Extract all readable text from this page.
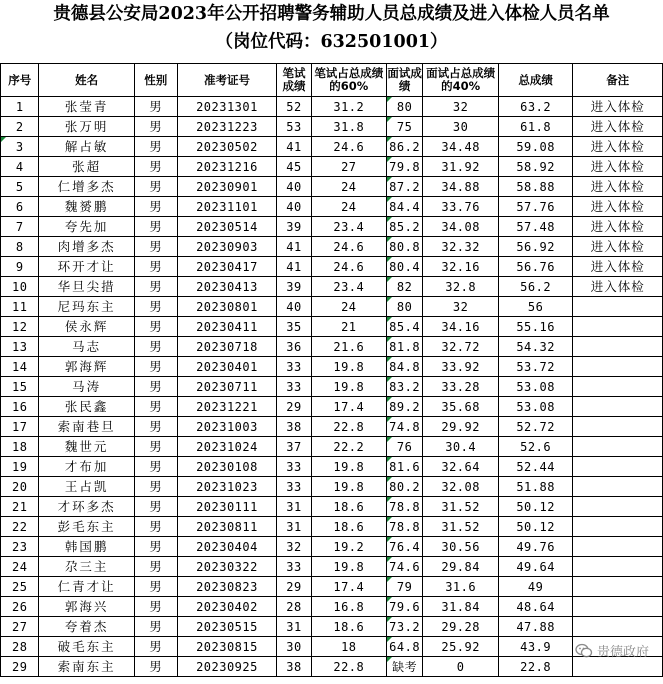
贵德县公安局2023年公开招聘警务辅助人员总成绩及进入体检人员名单
（岗位代码：632501001）
序号	姓名	性别	准考证号	笔试成绩	笔试占总成绩的60%	面试成绩	面试占总成绩的40%	总成绩	备注
1	张莹青	男	20231301	52	31.2	80	32	63.2	进入体检
2	张万明	男	20231223	53	31.8	75	30	61.8	进入体检
3	解占敏	男	20230502	41	24.6	86.2	34.48	59.08	进入体检
4	张超	男	20231216	45	27	79.8	31.92	58.92	进入体检
5	仁增多杰	男	20230901	40	24	87.2	34.88	58.88	进入体检
6	魏赟鹏	男	20231101	40	24	84.4	33.76	57.76	进入体检
7	夸先加	男	20230514	39	23.4	85.2	34.08	57.48	进入体检
8	肉增多杰	男	20230903	41	24.6	80.8	32.32	56.92	进入体检
9	环开才让	男	20230417	41	24.6	80.4	32.16	56.76	进入体检
10	华旦尖措	男	20230413	39	23.4	82	32.8	56.2	进入体检
11	尼玛东主	男	20230801	40	24	80	32	56	
12	侯永辉	男	20230411	35	21	85.4	34.16	55.16	
13	马志	男	20230718	36	21.6	81.8	32.72	54.32	
14	郭海辉	男	20230401	33	19.8	84.8	33.92	53.72	
15	马涛	男	20230711	33	19.8	83.2	33.28	53.08	
16	张民鑫	男	20231221	29	17.4	89.2	35.68	53.08	
17	索南巷旦	男	20231003	38	22.8	74.8	29.92	52.72	
18	魏世元	男	20231024	37	22.2	76	30.4	52.6	
19	才布加	男	20230108	33	19.8	81.6	32.64	52.44	
20	王占凯	男	20231023	33	19.8	80.2	32.08	51.88	
21	才环多杰	男	20230111	31	18.6	78.8	31.52	50.12	
22	彭毛东主	男	20230811	31	18.6	78.8	31.52	50.12	
23	韩国鹏	男	20230404	32	19.2	76.4	30.56	49.76	
24	尕三主	男	20230322	33	19.8	74.6	29.84	49.64	
25	仁青才让	男	20230823	29	17.4	79	31.6	49	
26	郭海兴	男	20230402	28	16.8	79.6	31.84	48.64	
27	夸着杰	男	20230515	31	18.6	73.2	29.28	47.88	
28	破毛东主	男	20230815	30	18	64.8	25.92	43.9	
29	索南东主	男	20230925	38	22.8	缺考	0	22.8	
贵德政府
